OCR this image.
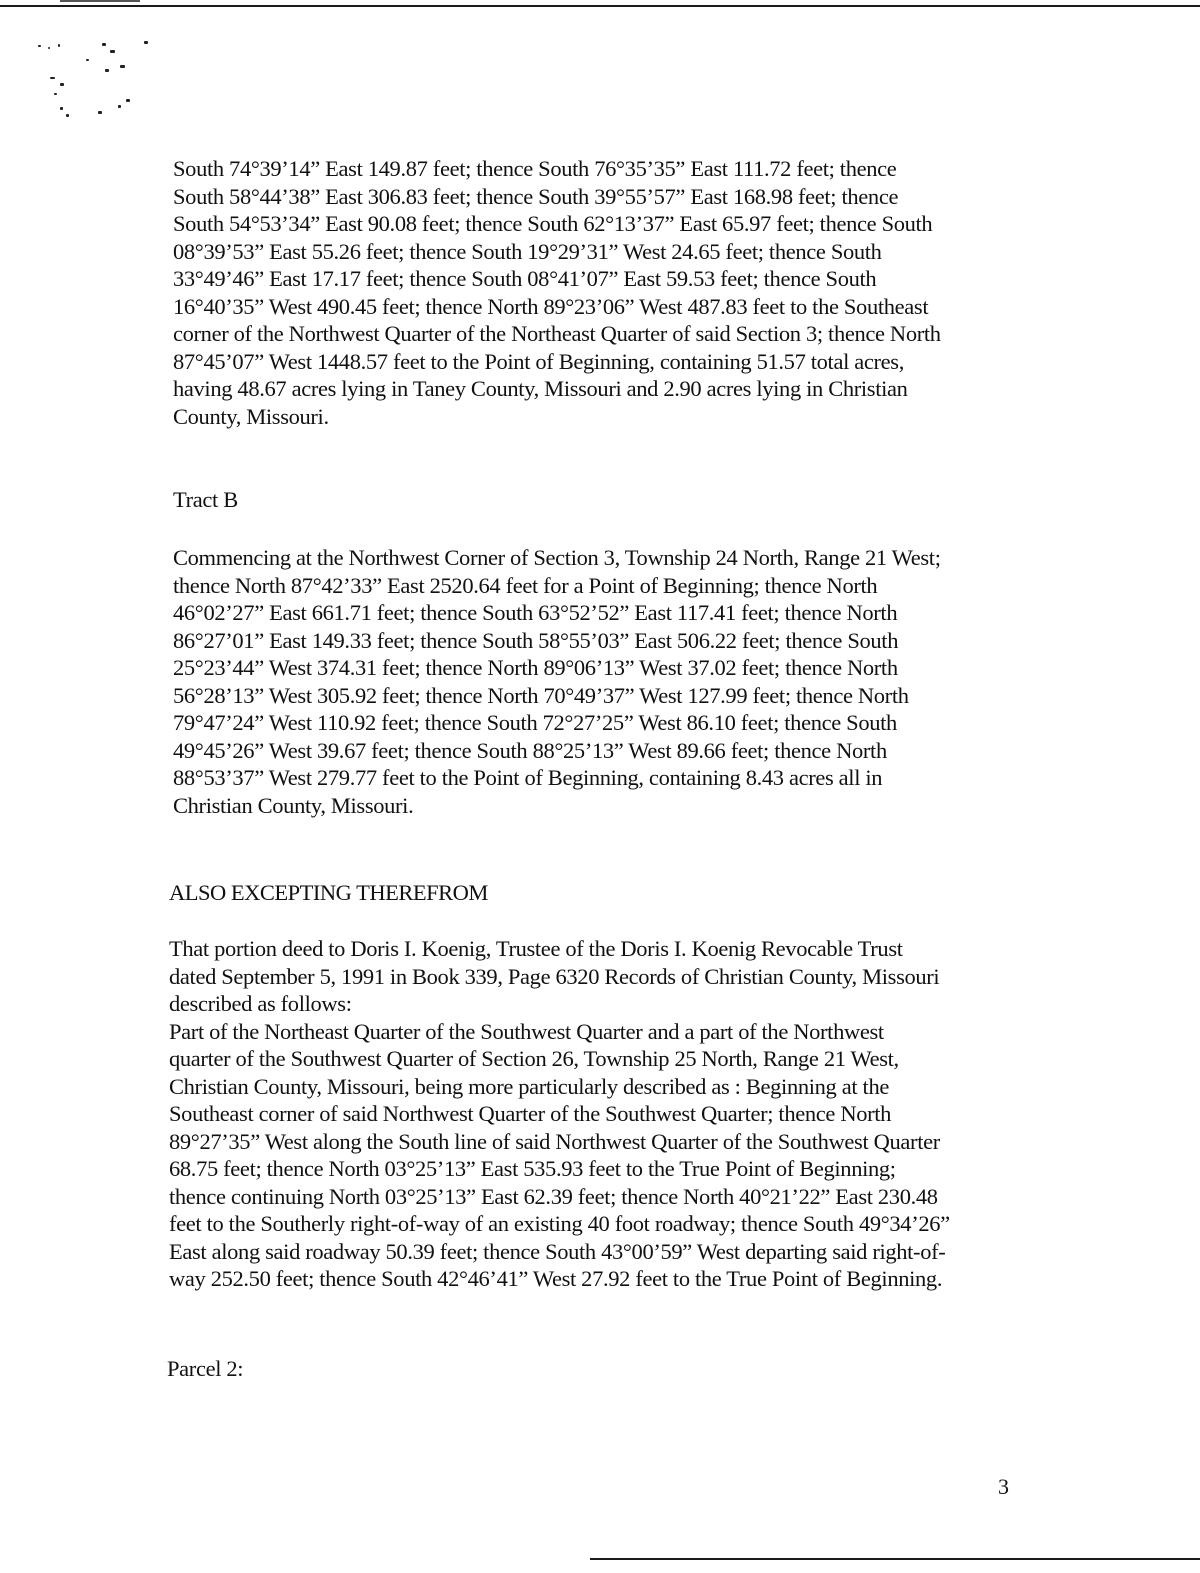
South 74°39’14” East 149.87 feet; thence South 76°35’35” East 111.72 feet; thence
South 58°44’38” East 306.83 feet; thence South 39°55’57” East 168.98 feet; thence
South 54°53’34” East 90.08 feet; thence South 62°13’37” East 65.97 feet; thence South
08°39’53” East 55.26 feet; thence South 19°29’31” West 24.65 feet; thence South
33°49’46” East 17.17 feet; thence South 08°41’07” East 59.53 feet; thence South
16°40’35” West 490.45 feet; thence North 89°23’06” West 487.83 feet to the Southeast
corner of the Northwest Quarter of the Northeast Quarter of said Section 3; thence North
87°45’07” West 1448.57 feet to the Point of Beginning, containing 51.57 total acres,
having 48.67 acres lying in Taney County, Missouri and 2.90 acres lying in Christian
County, Missouri.

Tract B

Commencing at the Northwest Corner of Section 3, Township 24 North, Range 21 West;
thence North 87°42’33” East 2520.64 feet for a Point of Beginning; thence North
46°02’27” East 661.71 feet; thence South 63°52’52” East 117.41 feet; thence North
86°27’01” East 149.33 feet; thence South 58°55’03” East 506.22 feet; thence South
25°23’44” West 374.31 feet; thence North 89°06’13” West 37.02 feet; thence North
56°28’13” West 305.92 feet; thence North 70°49’37” West 127.99 feet; thence North
79°47’24” West 110.92 feet; thence South 72°27’25” West 86.10 feet; thence South
49°45’26” West 39.67 feet; thence South 88°25’13” West 89.66 feet; thence North
88°53’37” West 279.77 feet to the Point of Beginning, containing 8.43 acres all in
Christian County, Missouri.

ALSO EXCEPTING THEREFROM

That portion deed to Doris I. Koenig, Trustee of the Doris I. Koenig Revocable Trust
dated September 5, 1991 in Book 339, Page 6320 Records of Christian County, Missouri
described as follows:
Part of the Northeast Quarter of the Southwest Quarter and a part of the Northwest
quarter of the Southwest Quarter of Section 26, Township 25 North, Range 21 West,
Christian County, Missouri, being more particularly described as : Beginning at the
Southeast corner of said Northwest Quarter of the Southwest Quarter; thence North
89°27’35” West along the South line of said Northwest Quarter of the Southwest Quarter
68.75 feet; thence North 03°25’13” East 535.93 feet to the True Point of Beginning;
thence continuing North 03°25’13” East 62.39 feet; thence North 40°21’22” East 230.48
feet to the Southerly right-of-way of an existing 40 foot roadway; thence South 49°34’26”
East along said roadway 50.39 feet; thence South 43°00’59” West departing said right-of-
way 252.50 feet; thence South 42°46’41” West 27.92 feet to the True Point of Beginning.

Parcel 2:
3
